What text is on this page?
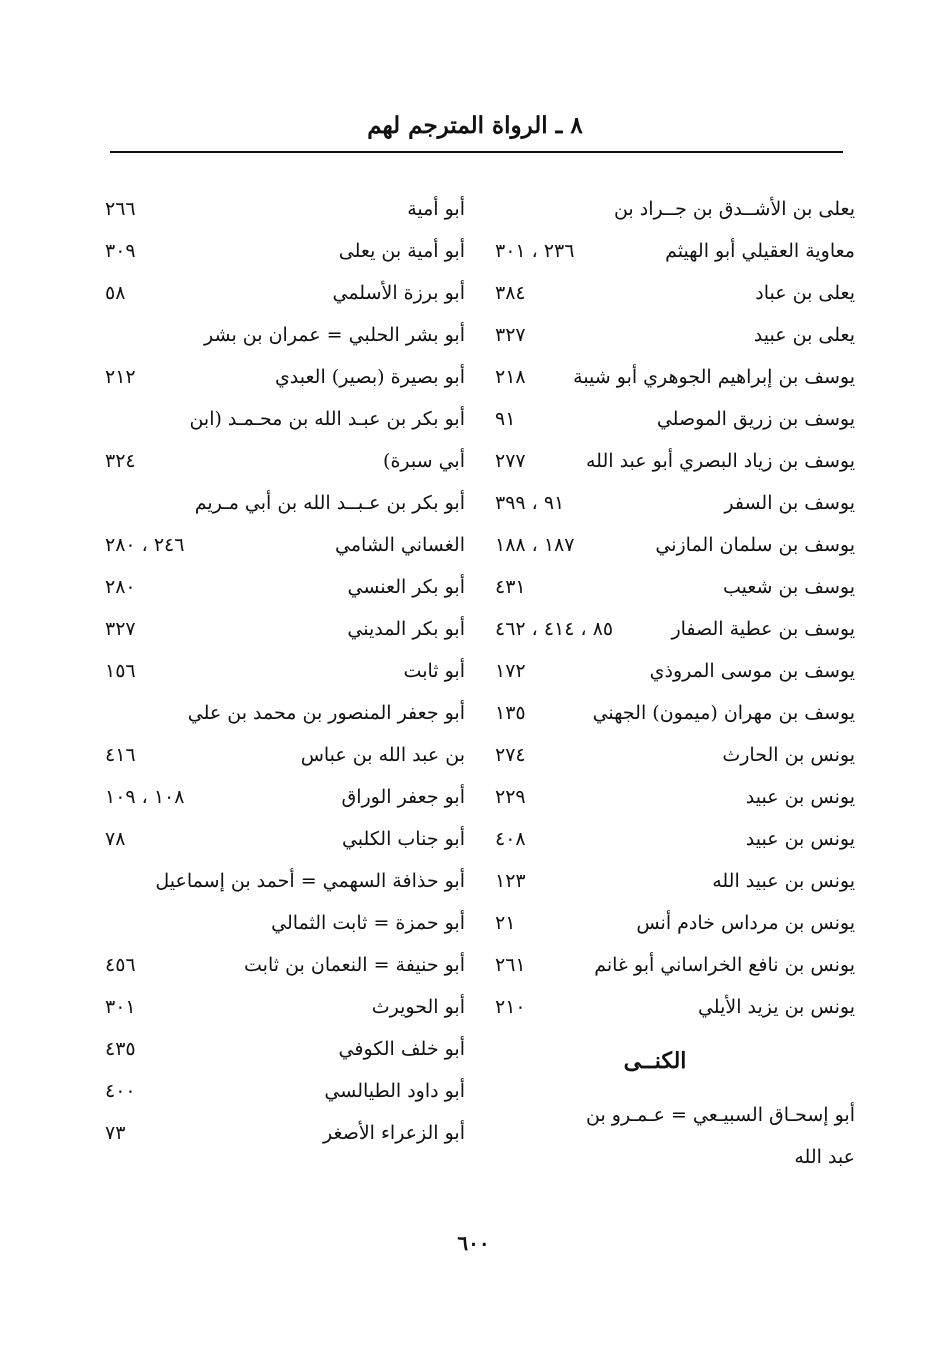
٨ ـ الرواة المترجم لهم
يعلى بن الأشــدق بن جــراد بن
معاوية العقيلي أبو الهيثم
٢٣٦ ، ٣٠١
يعلى بن عباد
٣٨٤
يعلى بن عبيد
٣٢٧
يوسف بن إبراهيم الجوهري أبو شيبة
٢١٨
يوسف بن زريق الموصلي
٩١
يوسف بن زياد البصري أبو عبد الله
٢٧٧
يوسف بن السفر
٩١ ، ٣٩٩
يوسف بن سلمان المازني
١٨٧ ، ١٨٨
يوسف بن شعيب
٤٣١
يوسف بن عطية الصفار
٨٥ ، ٤١٤ ، ٤٦٢
يوسف بن موسى المروذي
١٧٢
يوسف بن مهران (ميمون) الجهني
١٣٥
يونس بن الحارث
٢٧٤
يونس بن عبيد
٢٢٩
يونس بن عبيد
٤٠٨
يونس بن عبيد الله
١٢٣
يونس بن مرداس خادم أنس
٢١
يونس بن نافع الخراساني أبو غانم
٢٦١
يونس بن يزيد الأيلي
٢١٠
الكنــى
أبو إسحـاق السبيـعي = عـمـرو بن
عبد الله
أبو أمية
٢٦٦
أبو أمية بن يعلى
٣٠٩
أبو برزة الأسلمي
٥٨
أبو بشر الحلبي = عمران بن بشر
أبو بصيرة (بصير) العبدي
٢١٢
أبو بكر بن عبـد الله بن محـمـد (ابن
أبي سبرة)
٣٢٤
أبو بكر بن عـبــد الله بن أبي مـريم
الغساني الشامي
٢٤٦ ، ٢٨٠
أبو بكر العنسي
٢٨٠
أبو بكر المديني
٣٢٧
أبو ثابت
١٥٦
أبو جعفر المنصور بن محمد بن علي
بن عبد الله بن عباس
٤١٦
أبو جعفر الوراق
١٠٨ ، ١٠٩
أبو جناب الكلبي
٧٨
أبو حذافة السهمي = أحمد بن إسماعيل
أبو حمزة = ثابت الثمالي
أبو حنيفة = النعمان بن ثابت
٤٥٦
أبو الحويرث
٣٠١
أبو خلف الكوفي
٤٣٥
أبو داود الطيالسي
٤٠٠
أبو الزعراء الأصغر
٧٣
٦٠٠
